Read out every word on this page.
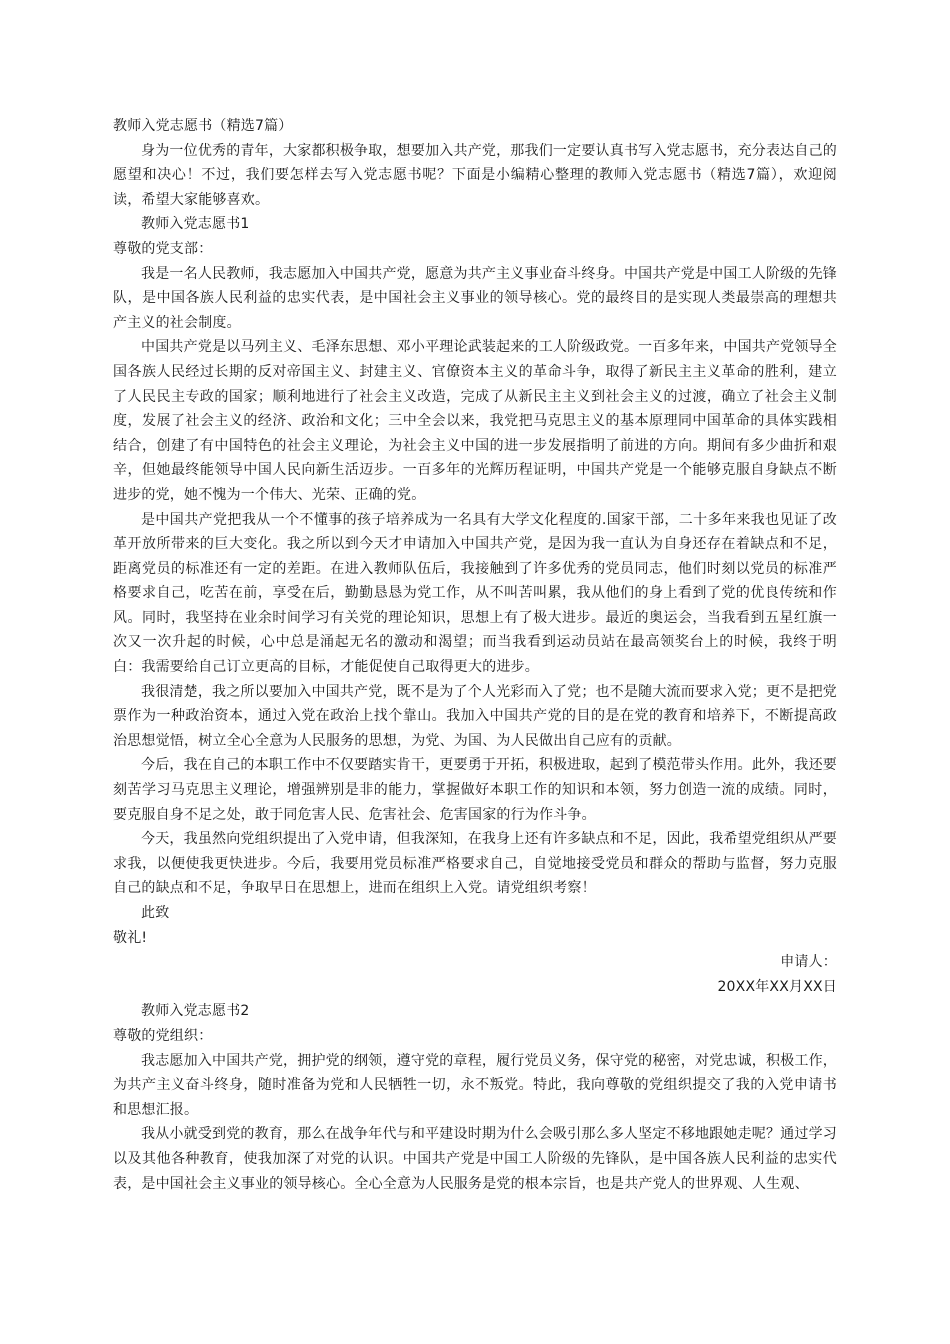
教师入党志愿书（精选7篇）

身为一位优秀的青年，大家都积极争取，想要加入共产党，那我们一定要认真书写入党志愿书，充分表达自己的愿望和决心！不过，我们要怎样去写入党志愿书呢？下面是小编精心整理的教师入党志愿书（精选7篇），欢迎阅读，希望大家能够喜欢。

教师入党志愿书1

尊敬的党支部：

我是一名人民教师，我志愿加入中国共产党，愿意为共产主义事业奋斗终身。中国共产党是中国工人阶级的先锋队，是中国各族人民利益的忠实代表，是中国社会主义事业的领导核心。党的最终目的是实现人类最崇高的理想共产主义的社会制度。

中国共产党是以马列主义、毛泽东思想、邓小平理论武装起来的工人阶级政党。一百多年来，中国共产党领导全国各族人民经过长期的反对帝国主义、封建主义、官僚资本主义的革命斗争，取得了新民主主义革命的胜利，建立了人民民主专政的国家；顺利地进行了社会主义改造，完成了从新民主主义到社会主义的过渡，确立了社会主义制度，发展了社会主义的经济、政治和文化；三中全会以来，我党把马克思主义的基本原理同中国革命的具体实践相结合，创建了有中国特色的社会主义理论，为社会主义中国的进一步发展指明了前进的方向。期间有多少曲折和艰辛，但她最终能领导中国人民向新生活迈步。一百多年的光辉历程证明，中国共产党是一个能够克服自身缺点不断进步的党，她不愧为一个伟大、光荣、正确的党。

是中国共产党把我从一个不懂事的孩子培养成为一名具有大学文化程度的.国家干部，二十多年来我也见证了改革开放所带来的巨大变化。我之所以到今天才申请加入中国共产党，是因为我一直认为自身还存在着缺点和不足，距离党员的标准还有一定的差距。在进入教师队伍后，我接触到了许多优秀的党员同志，他们时刻以党员的标准严格要求自己，吃苦在前，享受在后，勤勤恳恳为党工作，从不叫苦叫累，我从他们的身上看到了党的优良传统和作风。同时，我坚持在业余时间学习有关党的理论知识，思想上有了极大进步。最近的奥运会，当我看到五星红旗一次又一次升起的时候，心中总是涌起无名的激动和渴望；而当我看到运动员站在最高领奖台上的时候，我终于明白：我需要给自己订立更高的目标，才能促使自己取得更大的进步。

我很清楚，我之所以要加入中国共产党，既不是为了个人光彩而入了党；也不是随大流而要求入党；更不是把党票作为一种政治资本，通过入党在政治上找个靠山。我加入中国共产党的目的是在党的教育和培养下，不断提高政治思想觉悟，树立全心全意为人民服务的思想，为党、为国、为人民做出自己应有的贡献。

今后，我在自己的本职工作中不仅要踏实肯干，更要勇于开拓，积极进取，起到了模范带头作用。此外，我还要刻苦学习马克思主义理论，增强辨别是非的能力，掌握做好本职工作的知识和本领，努力创造一流的成绩。同时，要克服自身不足之处，敢于同危害人民、危害社会、危害国家的行为作斗争。

今天，我虽然向党组织提出了入党申请，但我深知，在我身上还有许多缺点和不足，因此，我希望党组织从严要求我，以便使我更快进步。今后，我要用党员标准严格要求自己，自觉地接受党员和群众的帮助与监督，努力克服自己的缺点和不足，争取早日在思想上，进而在组织上入党。请党组织考察！

此致

敬礼!

申请人：

20XX年XX月XX日

教师入党志愿书2

尊敬的党组织：

我志愿加入中国共产党，拥护党的纲领，遵守党的章程，履行党员义务，保守党的秘密，对党忠诚，积极工作，为共产主义奋斗终身，随时准备为党和人民牺牲一切，永不叛党。特此，我向尊敬的党组织提交了我的入党申请书和思想汇报。

我从小就受到党的教育，那么在战争年代与和平建设时期为什么会吸引那么多人坚定不移地跟她走呢？通过学习以及其他各种教育，使我加深了对党的认识。中国共产党是中国工人阶级的先锋队，是中国各族人民利益的忠实代表，是中国社会主义事业的领导核心。全心全意为人民服务是党的根本宗旨，也是共产党人的世界观、人生观、
